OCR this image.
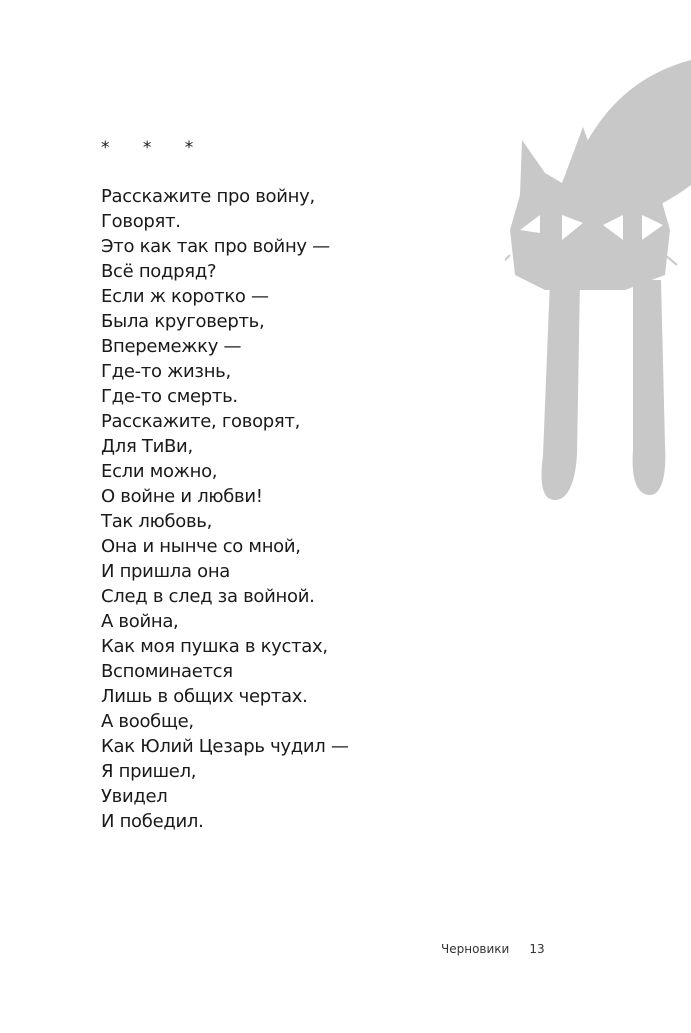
* * *
Расскажите про войну,
Говорят.
Это как так про войну —
Всё подряд?
Если ж коротко —
Была круговерть,
Вперемежку —
Где-то жизнь,
Где-то смерть.
Расскажите, говорят,
Для ТиВи,
Если можно,
О войне и любви!
Так любовь,
Она и нынче со мной,
И пришла она
След в след за войной.
А война,
Как моя пушка в кустах,
Вспоминается
Лишь в общих чертах.
А вообще,
Как Юлий Цезарь чудил —
Я пришел,
Увидел
И победил.
Черновики 13
